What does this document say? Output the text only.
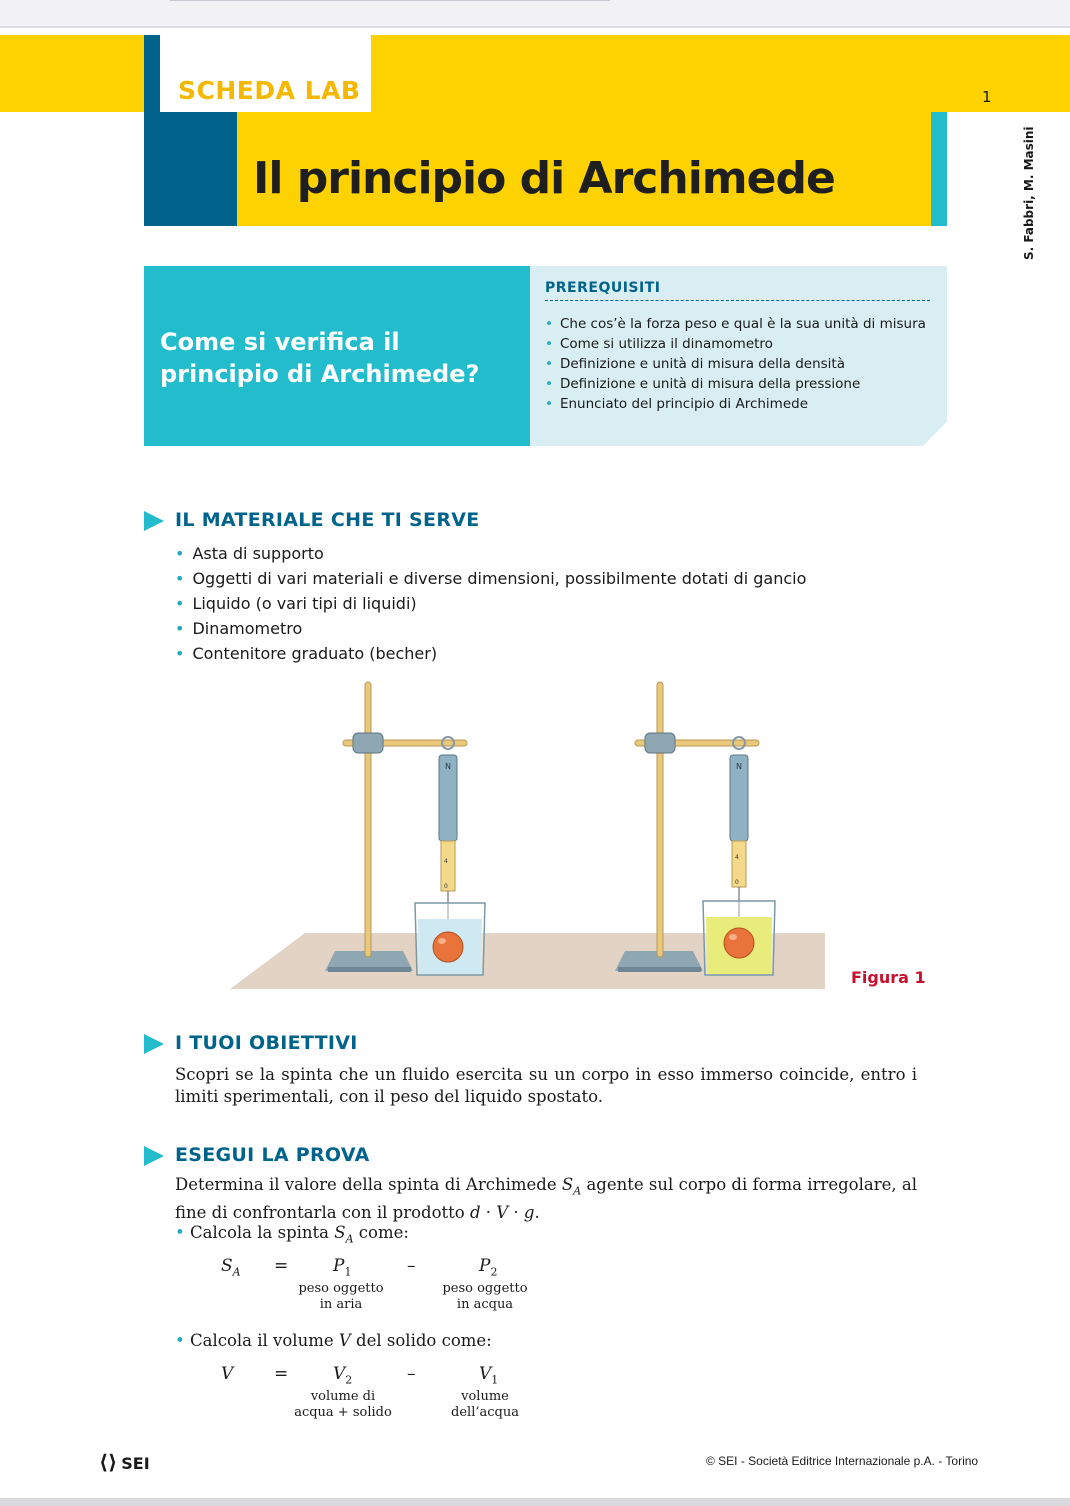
SCHEDA LAB
Il principio di Archimede
1
S. Fabbri, M. Masini
Come si verifica il principio di Archimede?
PREREQUISITI
• Che cos’è la forza peso e qual è la sua unità di misura
• Come si utilizza il dinamometro
• Definizione e unità di misura della densità
• Definizione e unità di misura della pressione
• Enunciato del principio di Archimede
IL MATERIALE CHE TI SERVE
• Asta di supporto
• Oggetti di vari materiali e diverse dimensioni, possibilmente dotati di gancio
• Liquido (o vari tipi di liquidi)
• Dinamometro
• Contenitore graduato (becher)
N
4
0
N
4
0
Figura 1
I TUOI OBIETTIVI
Scopri se la spinta che un fluido esercita su un corpo in esso immerso coincide, entro i limiti sperimentali, con il peso del liquido spostato.
ESEGUI LA PROVA
Determina il valore della spinta di Archimede $S_A$ agente sul corpo di forma irregolare, al fine di confrontarla con il prodotto d · V · g.
• Calcola la spinta $S_A$ come:
$S_A$ =	$P_1$
peso oggetto
in aria
–	$P_2$
peso oggetto
in acqua
• Calcola il volume V del solido come:
V =	$V_2$
volume di
acqua + solido
–	$V_1$
volume
dell’acqua
⟨⟩ SEI	© SEI - Società Editrice Internazionale p.A. - Torino
